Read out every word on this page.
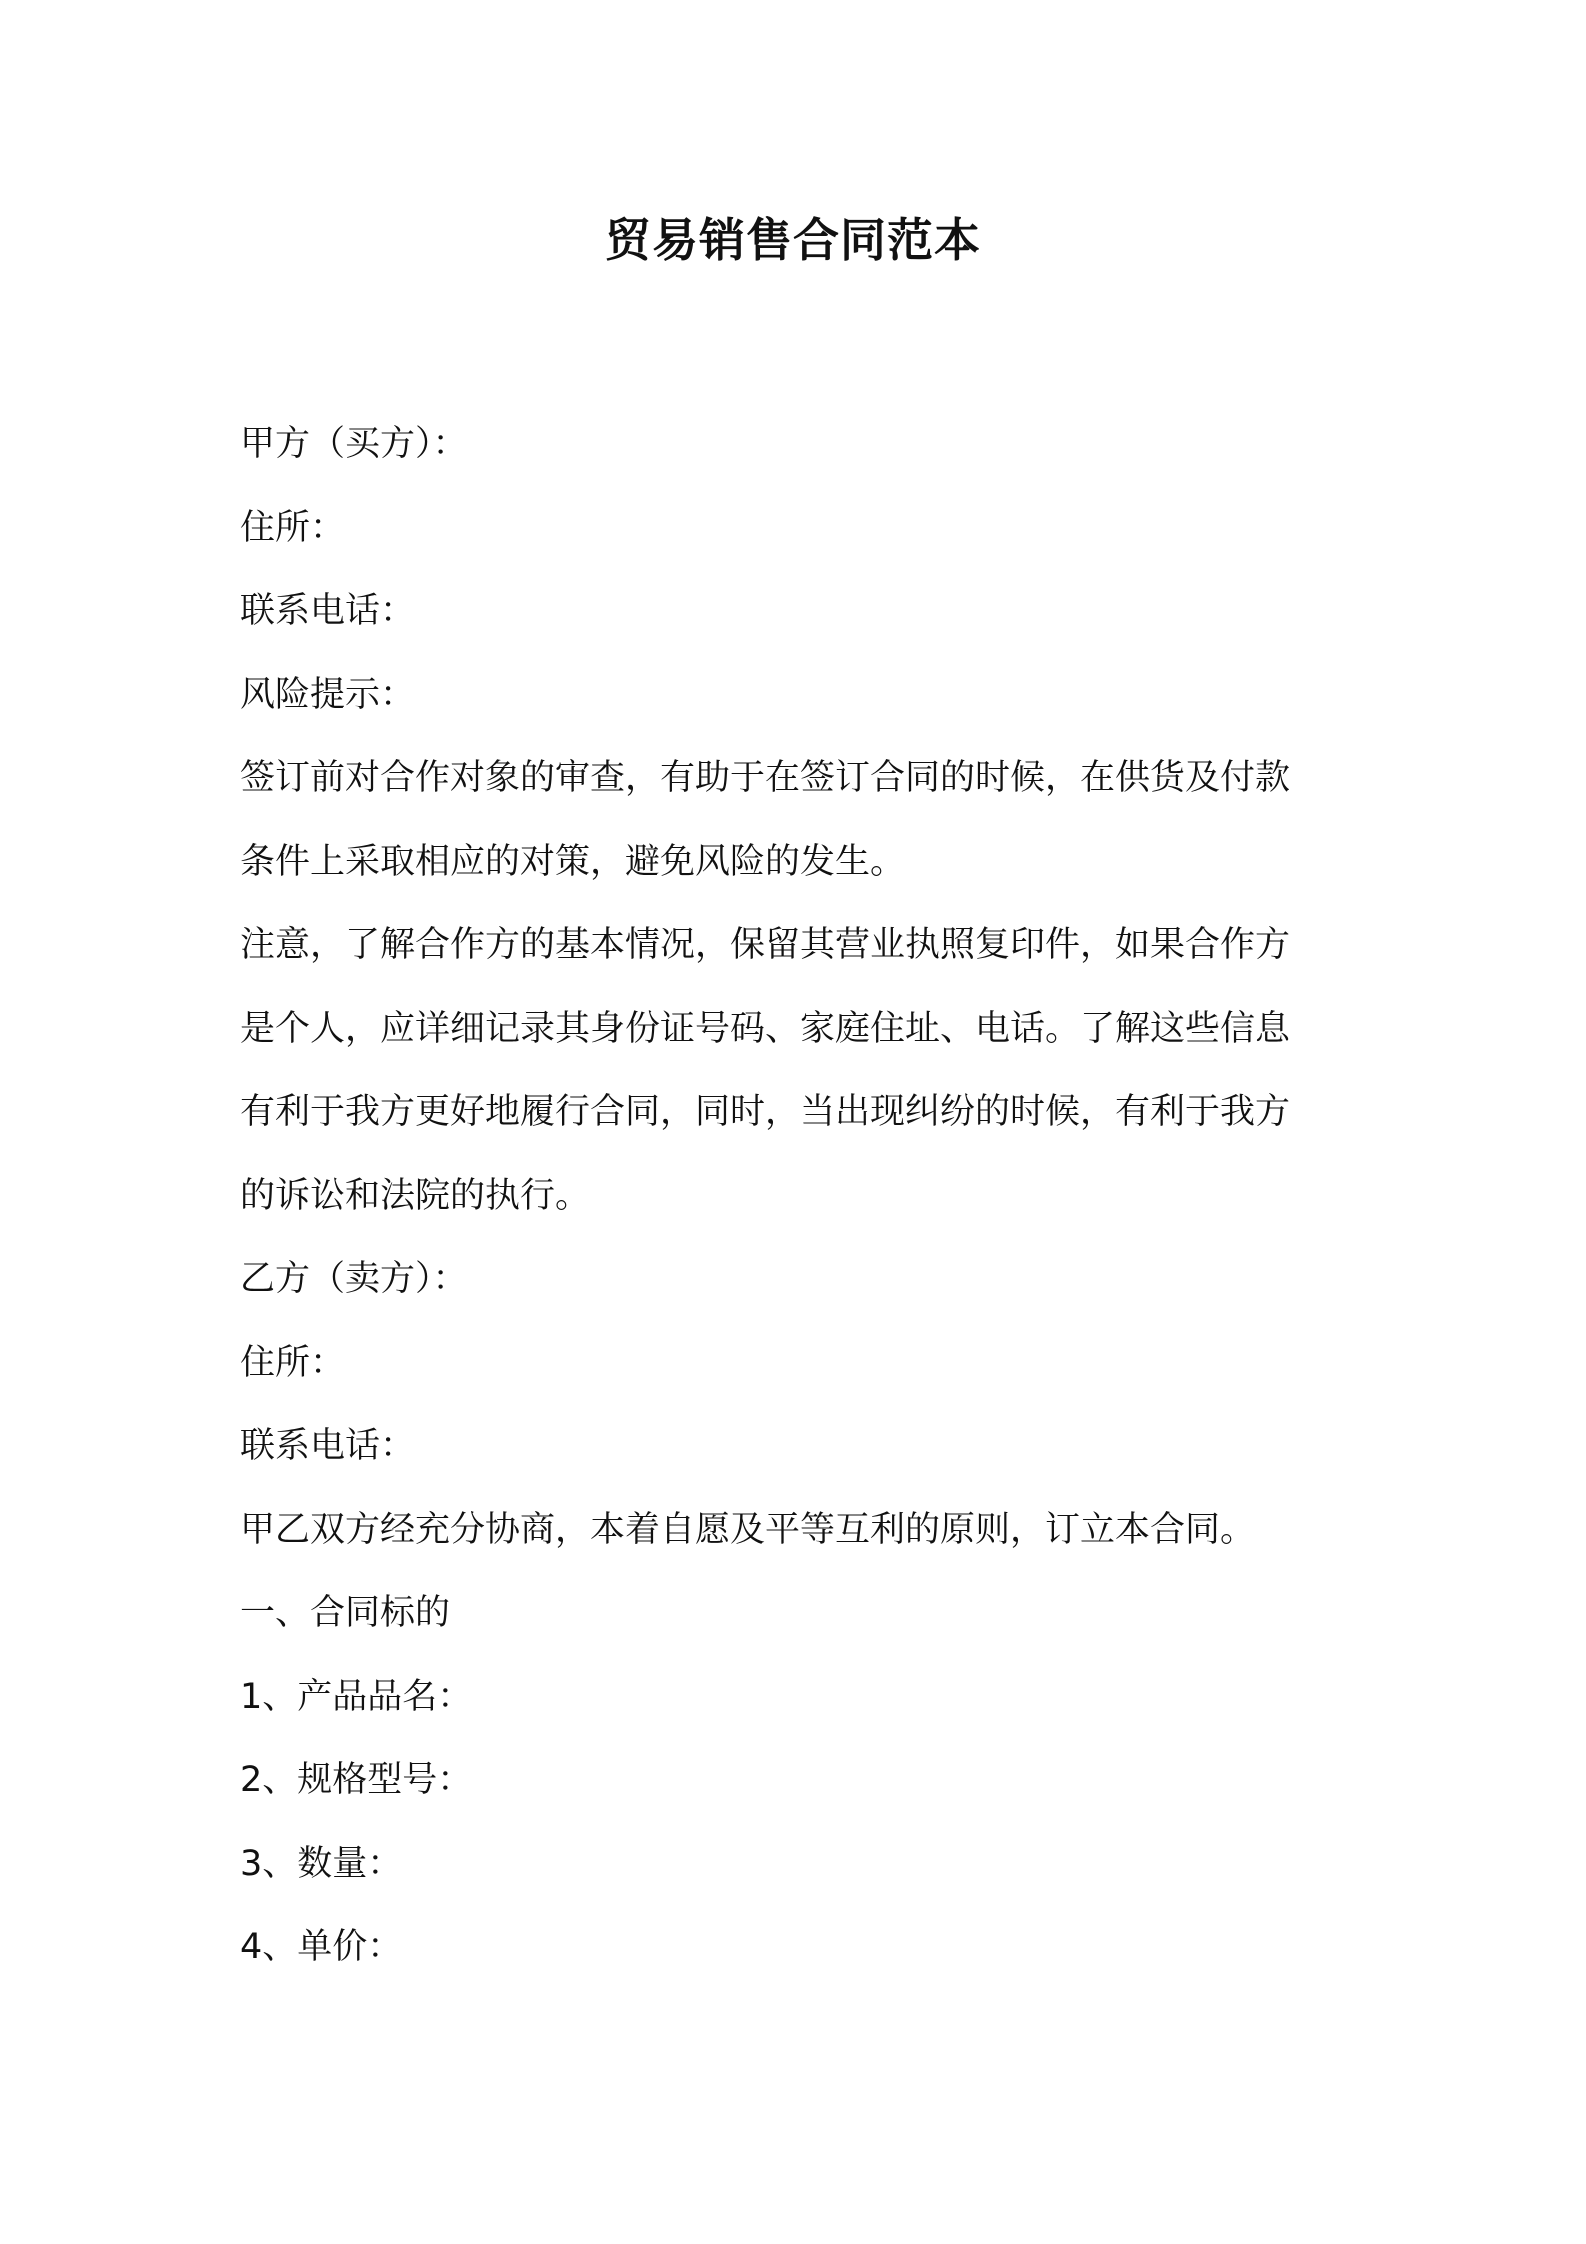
贸易销售合同范本
甲方（买方）：
住所：
联系电话：
风险提示：
签订前对合作对象的审查，有助于在签订合同的时候，在供货及付款
条件上采取相应的对策，避免风险的发生。
注意，了解合作方的基本情况，保留其营业执照复印件，如果合作方
是个人，应详细记录其身份证号码、家庭住址、电话。了解这些信息
有利于我方更好地履行合同，同时，当出现纠纷的时候，有利于我方
的诉讼和法院的执行。
乙方（卖方）：
住所：
联系电话：
甲乙双方经充分协商，本着自愿及平等互利的原则，订立本合同。
一、合同标的
1、产品品名：
2、规格型号：
3、数量：
4、单价：
